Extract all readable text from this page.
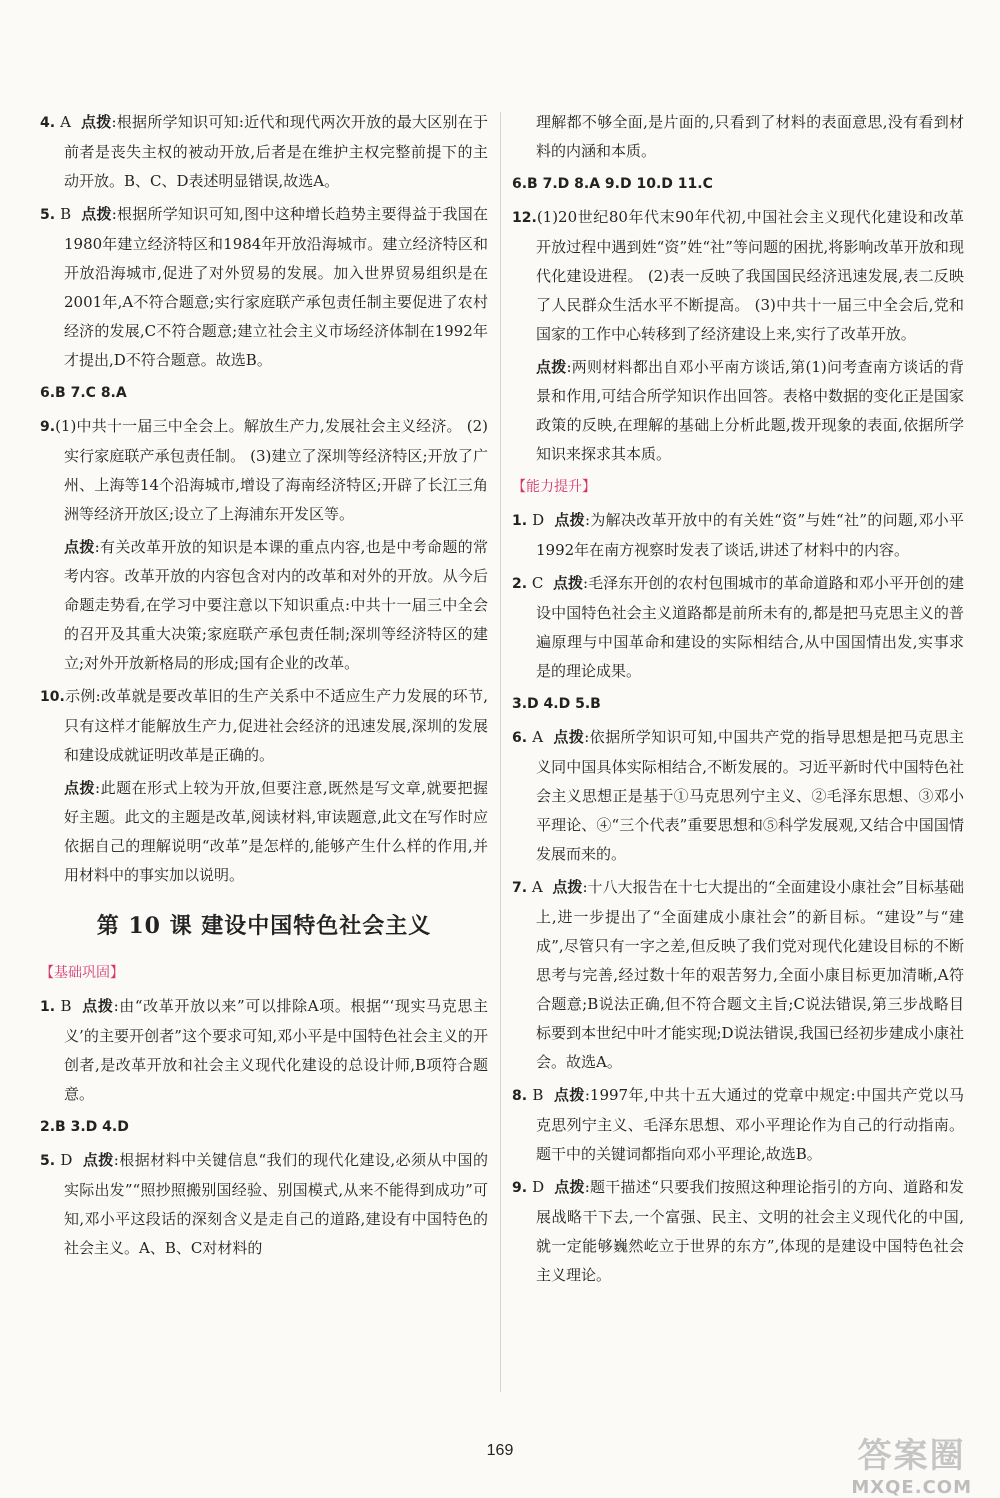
4. A 点拨:根据所学知识可知:近代和现代两次开放的最大区别在于前者是丧失主权的被动开放,后者是在维护主权完整前提下的主动开放。B、C、D表述明显错误,故选A。

5. B 点拨:根据所学知识可知,图中这种增长趋势主要得益于我国在1980年建立经济特区和1984年开放沿海城市。建立经济特区和开放沿海城市,促进了对外贸易的发展。加入世界贸易组织是在2001年,A不符合题意;实行家庭联产承包责任制主要促进了农村经济的发展,C不符合题意;建立社会主义市场经济体制在1992年才提出,D不符合题意。故选B。

6.B 7.C 8.A

9.(1)中共十一届三中全会上。解放生产力,发展社会主义经济。 (2)实行家庭联产承包责任制。 (3)建立了深圳等经济特区;开放了广州、上海等14个沿海城市,增设了海南经济特区;开辟了长江三角洲等经济开放区;设立了上海浦东开发区等。

点拨:有关改革开放的知识是本课的重点内容,也是中考命题的常考内容。改革开放的内容包含对内的改革和对外的开放。从今后命题走势看,在学习中要注意以下知识重点:中共十一届三中全会的召开及其重大决策;家庭联产承包责任制;深圳等经济特区的建立;对外开放新格局的形成;国有企业的改革。

10.示例:改革就是要改革旧的生产关系中不适应生产力发展的环节,只有这样才能解放生产力,促进社会经济的迅速发展,深圳的发展和建设成就证明改革是正确的。

点拨:此题在形式上较为开放,但要注意,既然是写文章,就要把握好主题。此文的主题是改革,阅读材料,审读题意,此文在写作时应依据自己的理解说明“改革”是怎样的,能够产生什么样的作用,并用材料中的事实加以说明。

第 10 课 建设中国特色社会主义
【基础巩固】

1. B 点拨:由“改革开放以来”可以排除A项。根据“‘现实马克思主义’的主要开创者”这个要求可知,邓小平是中国特色社会主义的开创者,是改革开放和社会主义现代化建设的总设计师,B项符合题意。

2.B 3.D 4.D

5. D 点拨:根据材料中关键信息“我们的现代化建设,必须从中国的实际出发”“照抄照搬别国经验、别国模式,从来不能得到成功”可知,邓小平这段话的深刻含义是走自己的道路,建设有中国特色的社会主义。A、B、C对材料的

理解都不够全面,是片面的,只看到了材料的表面意思,没有看到材料的内涵和本质。

6.B 7.D 8.A 9.D 10.D 11.C

12.(1)20世纪80年代末90年代初,中国社会主义现代化建设和改革开放过程中遇到姓“资”姓“社”等问题的困扰,将影响改革开放和现代化建设进程。 (2)表一反映了我国国民经济迅速发展,表二反映了人民群众生活水平不断提高。 (3)中共十一届三中全会后,党和国家的工作中心转移到了经济建设上来,实行了改革开放。

点拨:两则材料都出自邓小平南方谈话,第(1)问考查南方谈话的背景和作用,可结合所学知识作出回答。表格中数据的变化正是国家政策的反映,在理解的基础上分析此题,拨开现象的表面,依据所学知识来探求其本质。

【能力提升】

1. D 点拨:为解决改革开放中的有关姓“资”与姓“社”的问题,邓小平1992年在南方视察时发表了谈话,讲述了材料中的内容。

2. C 点拨:毛泽东开创的农村包围城市的革命道路和邓小平开创的建设中国特色社会主义道路都是前所未有的,都是把马克思主义的普遍原理与中国革命和建设的实际相结合,从中国国情出发,实事求是的理论成果。

3.D 4.D 5.B

6. A 点拨:依据所学知识可知,中国共产党的指导思想是把马克思主义同中国具体实际相结合,不断发展的。习近平新时代中国特色社会主义思想正是基于①马克思列宁主义、②毛泽东思想、③邓小平理论、④“三个代表”重要思想和⑤科学发展观,又结合中国国情发展而来的。

7. A 点拨:十八大报告在十七大提出的“全面建设小康社会”目标基础上,进一步提出了“全面建成小康社会”的新目标。“建设”与“建成”,尽管只有一字之差,但反映了我们党对现代化建设目标的不断思考与完善,经过数十年的艰苦努力,全面小康目标更加清晰,A符合题意;B说法正确,但不符合题文主旨;C说法错误,第三步战略目标要到本世纪中叶才能实现;D说法错误,我国已经初步建成小康社会。故选A。

8. B 点拨:1997年,中共十五大通过的党章中规定:中国共产党以马克思列宁主义、毛泽东思想、邓小平理论作为自己的行动指南。题干中的关键词都指向邓小平理论,故选B。

9. D 点拨:题干描述“只要我们按照这种理论指引的方向、道路和发展战略干下去,一个富强、民主、文明的社会主义现代化的中国,就一定能够巍然屹立于世界的东方”,体现的是建设中国特色社会主义理论。

169	答案圈
MXQE.COM
